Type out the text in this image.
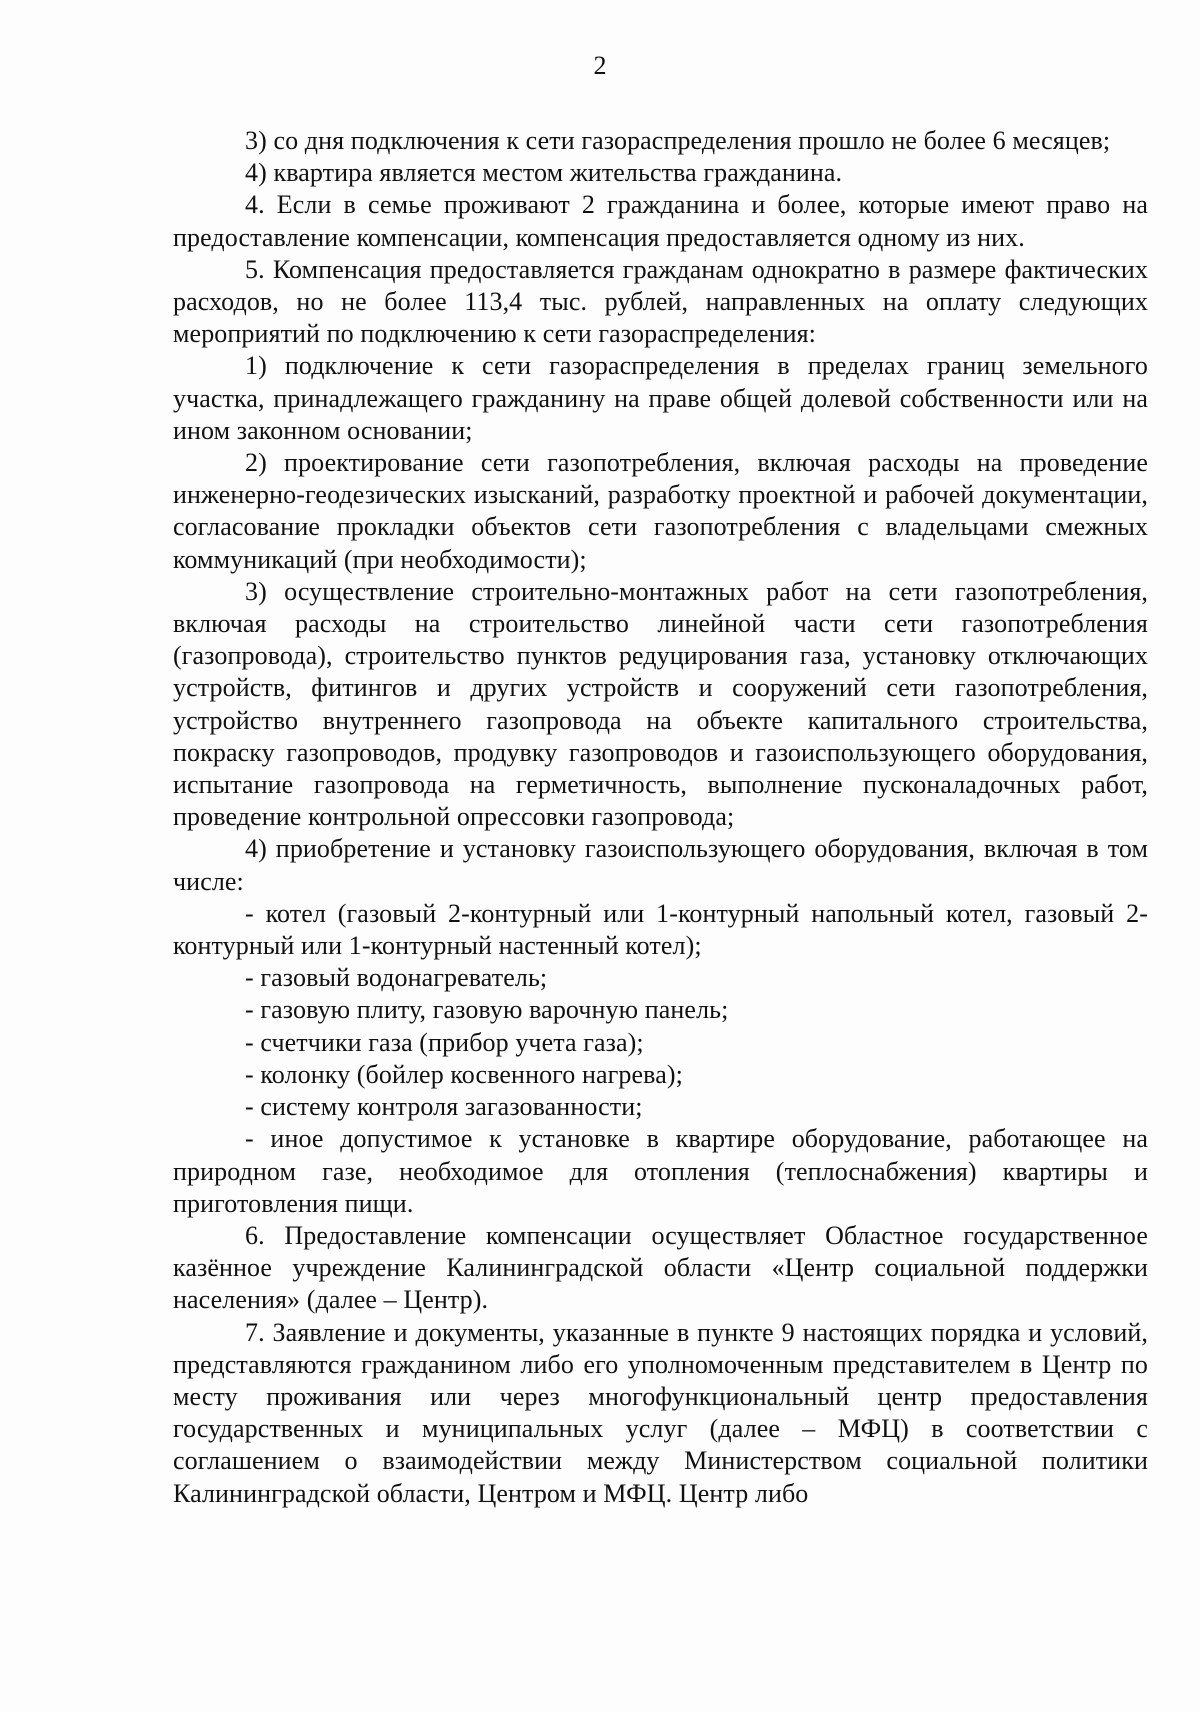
2

3) со дня подключения к сети газораспределения прошло не более 6 месяцев;

4) квартира является местом жительства гражданина.

4. Если в семье проживают 2 гражданина и более, которые имеют право на предоставление компенсации, компенсация предоставляется одному из них.

5. Компенсация предоставляется гражданам однократно в размере фактических расходов, но не более 113,4 тыс. рублей, направленных на оплату следующих мероприятий по подключению к сети газораспределения:

1) подключение к сети газораспределения в пределах границ земельного участка, принадлежащего гражданину на праве общей долевой собственности или на ином законном основании;

2) проектирование сети газопотребления, включая расходы на проведение инженерно-геодезических изысканий, разработку проектной и рабочей документации, согласование прокладки объектов сети газопотребления с владельцами смежных коммуникаций (при необходимости);

3) осуществление строительно-монтажных работ на сети газопотребления, включая расходы на строительство линейной части сети газопотребления (газопровода), строительство пунктов редуцирования газа, установку отключающих устройств, фитингов и других устройств и сооружений сети газопотребления, устройство внутреннего газопровода на объекте капитального строительства, покраску газопроводов, продувку газопроводов и газоиспользующего оборудования, испытание газопровода на герметичность, выполнение пусконаладочных работ, проведение контрольной опрессовки газопровода;

4) приобретение и установку газоиспользующего оборудования, включая в том числе:

- котел (газовый 2-контурный или 1-контурный напольный котел, газовый 2-контурный или 1-контурный настенный котел);

- газовый водонагреватель;

- газовую плиту, газовую варочную панель;

- счетчики газа (прибор учета газа);

- колонку (бойлер косвенного нагрева);

- систему контроля загазованности;

- иное допустимое к установке в квартире оборудование, работающее на природном газе, необходимое для отопления (теплоснабжения) квартиры и приготовления пищи.

6. Предоставление компенсации осуществляет Областное государственное казённое учреждение Калининградской области «Центр социальной поддержки населения» (далее – Центр).

7. Заявление и документы, указанные в пункте 9 настоящих порядка и условий, представляются гражданином либо его уполномоченным представителем в Центр по месту проживания или через многофункциональный центр предоставления государственных и муниципальных услуг (далее – МФЦ) в соответствии с соглашением о взаимодействии между Министерством социальной политики Калининградской области, Центром и МФЦ. Центр либо
